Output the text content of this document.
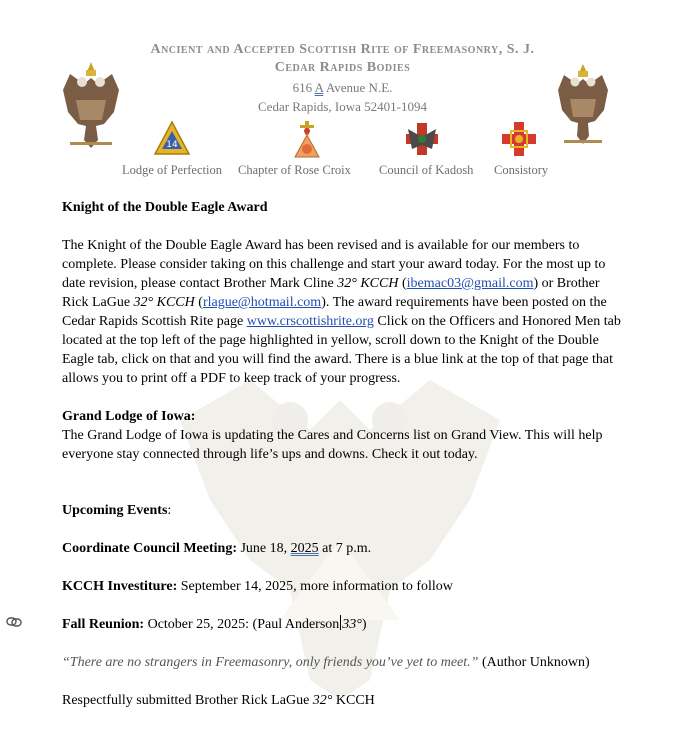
Ancient and Accepted Scottish Rite of Freemasonry, S. J.
Cedar Rapids Bodies
616 A Avenue N.E.
Cedar Rapids, Iowa 52401-1094
14
Lodge of Perfection Chapter of Rose Croix Council of Kadosh Consistory
Knight of the Double Eagle Award
The Knight of the Double Eagle Award has been revised and is available for our members to complete. Please consider taking on this challenge and start your award today. For the most up to date revision, please contact Brother Mark Cline 32° KCCH (ibemac03@gmail.com) or Brother Rick LaGue 32° KCCH (rlague@hotmail.com). The award requirements have been posted on the Cedar Rapids Scottish Rite page www.crscottishrite.org Click on the Officers and Honored Men tab located at the top left of the page highlighted in yellow, scroll down to the Knight of the Double Eagle tab, click on that and you will find the award. There is a blue link at the top of that page that allows you to print off a PDF to keep track of your progress.
Grand Lodge of Iowa:
The Grand Lodge of Iowa is updating the Cares and Concerns list on Grand View. This will help everyone stay connected through life’s ups and downs. Check it out today.
Upcoming Events:
Coordinate Council Meeting: June 18, 2025 at 7 p.m.
KCCH Investiture: September 14, 2025, more information to follow
Fall Reunion: October 25, 2025: (Paul Anderson 33°)
“There are no strangers in Freemasonry, only friends you’ve yet to meet.” (Author Unknown)
Respectfully submitted Brother Rick LaGue 32° KCCH
